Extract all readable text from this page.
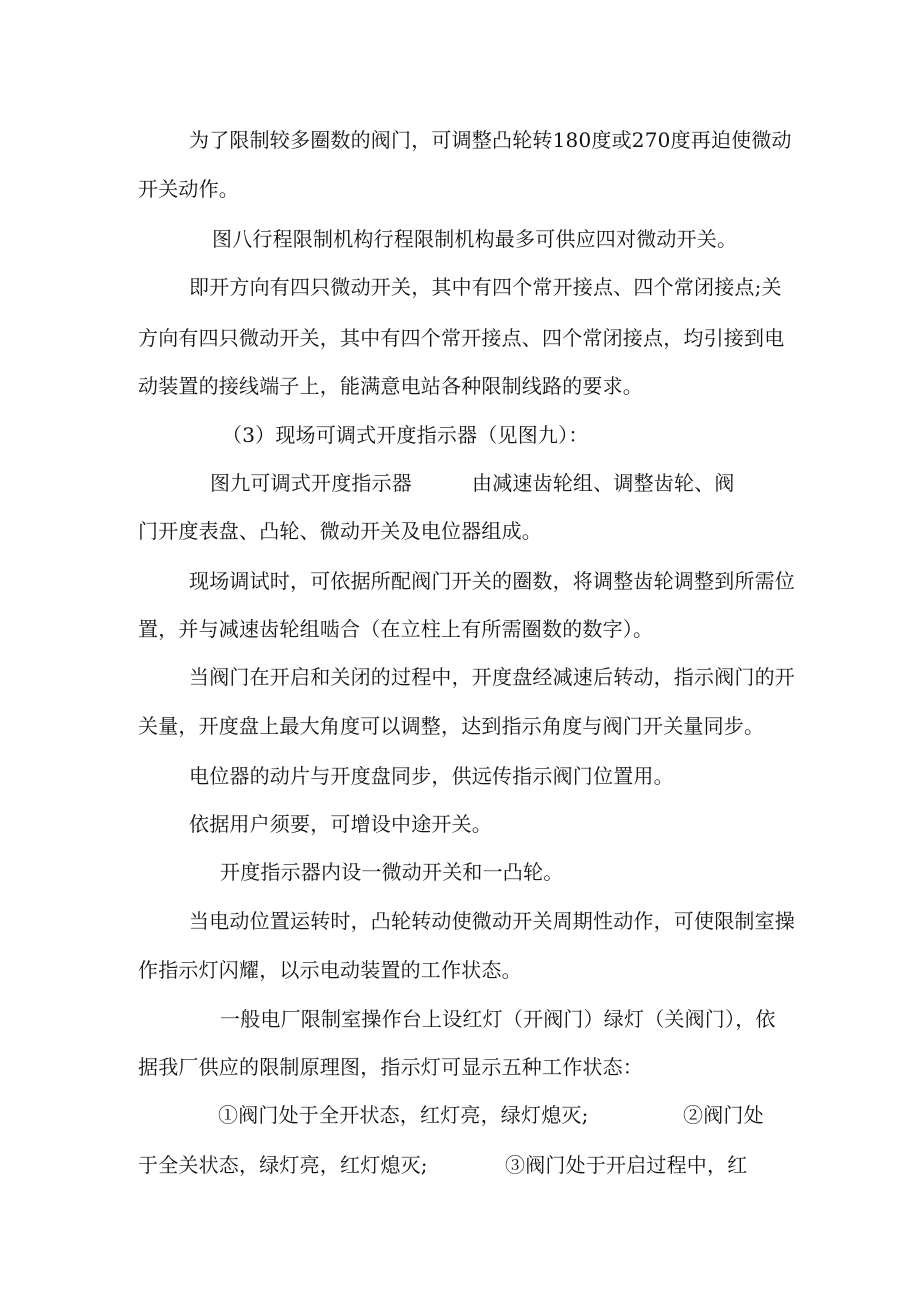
为了限制较多圈数的阀门，可调整凸轮转180度或270度再迫使微动
开关动作。
图八行程限制机构行程限制机构最多可供应四对微动开关。
即开方向有四只微动开关，其中有四个常开接点、四个常闭接点;关
方向有四只微动开关，其中有四个常开接点、四个常闭接点，均引接到电
动装置的接线端子上，能满意电站各种限制线路的要求。
（3）现场可调式开度指示器（见图九）：
图九可调式开度指示器	由减速齿轮组、调整齿轮、阀
门开度表盘、凸轮、微动开关及电位器组成。
现场调试时，可依据所配阀门开关的圈数，将调整齿轮调整到所需位
置，并与减速齿轮组啮合（在立柱上有所需圈数的数字）。
当阀门在开启和关闭的过程中，开度盘经减速后转动，指示阀门的开
关量，开度盘上最大角度可以调整，达到指示角度与阀门开关量同步。
电位器的动片与开度盘同步，供远传指示阀门位置用。
依据用户须要，可增设中途开关。
开度指示器内设一微动开关和一凸轮。
当电动位置运转时，凸轮转动使微动开关周期性动作，可使限制室操
作指示灯闪耀，以示电动装置的工作状态。
一般电厂限制室操作台上设红灯（开阀门）绿灯（关阀门），依
据我厂供应的限制原理图，指示灯可显示五种工作状态：
①阀门处于全开状态，红灯亮，绿灯熄灭;	②阀门处
于全关状态，绿灯亮，红灯熄灭;	③阀门处于开启过程中，红
